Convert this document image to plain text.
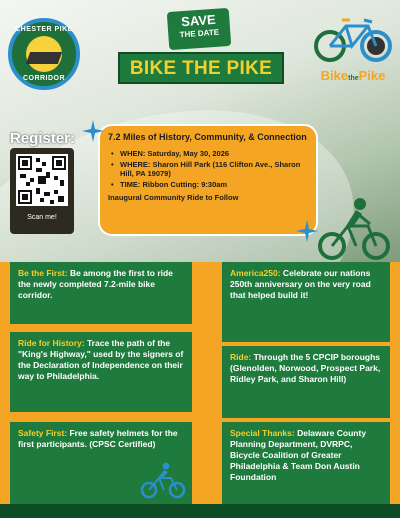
CHESTER PIKE
CORRIDOR
SAVE
THE DATE
BIKE THE PIKE	BikethePike
Register:
Scan me!
7.2 Miles of History, Community, & Connection
• WHEN: Saturday, May 30, 2026
• WHERE: Sharon Hill Park (116 Clifton Ave., Sharon Hill, PA 19079)
• TIME: Ribbon Cutting: 9:30am
Inaugural Community Ride to Follow
Be the First: Be among the first to ride the newly completed 7.2-mile bike corridor.
Ride for History: Trace the path of the "King's Highway," used by the signers of the Declaration of Independence on their way to Philadelphia.
Safety First: Free safety helmets for the first participants. (CPSC Certified)
America250: Celebrate our nations 250th anniversary on the very road that helped build it!
Ride: Through the 5 CPCIP boroughs (Glenolden, Norwood, Prospect Park, Ridley Park, and Sharon Hill)
Special Thanks: Delaware County Planning Department, DVRPC, Bicycle Coalition of Greater Philadelphia & Team Don Austin Foundation
